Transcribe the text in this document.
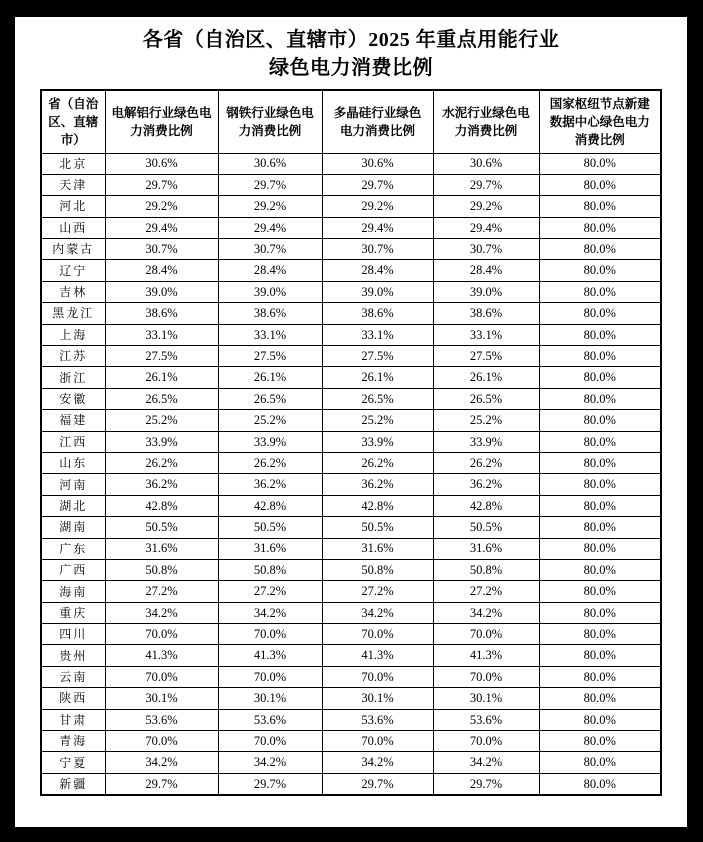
各省（自治区、直辖市）2025 年重点用能行业
绿色电力消费比例
省（自治区、直辖市）	电解铝行业绿色电力消费比例	钢铁行业绿色电力消费比例	多晶硅行业绿色电力消费比例	水泥行业绿色电力消费比例	国家枢纽节点新建数据中心绿色电力消费比例
北京	30.6%	30.6%	30.6%	30.6%	80.0%
天津	29.7%	29.7%	29.7%	29.7%	80.0%
河北	29.2%	29.2%	29.2%	29.2%	80.0%
山西	29.4%	29.4%	29.4%	29.4%	80.0%
内蒙古	30.7%	30.7%	30.7%	30.7%	80.0%
辽宁	28.4%	28.4%	28.4%	28.4%	80.0%
吉林	39.0%	39.0%	39.0%	39.0%	80.0%
黑龙江	38.6%	38.6%	38.6%	38.6%	80.0%
上海	33.1%	33.1%	33.1%	33.1%	80.0%
江苏	27.5%	27.5%	27.5%	27.5%	80.0%
浙江	26.1%	26.1%	26.1%	26.1%	80.0%
安徽	26.5%	26.5%	26.5%	26.5%	80.0%
福建	25.2%	25.2%	25.2%	25.2%	80.0%
江西	33.9%	33.9%	33.9%	33.9%	80.0%
山东	26.2%	26.2%	26.2%	26.2%	80.0%
河南	36.2%	36.2%	36.2%	36.2%	80.0%
湖北	42.8%	42.8%	42.8%	42.8%	80.0%
湖南	50.5%	50.5%	50.5%	50.5%	80.0%
广东	31.6%	31.6%	31.6%	31.6%	80.0%
广西	50.8%	50.8%	50.8%	50.8%	80.0%
海南	27.2%	27.2%	27.2%	27.2%	80.0%
重庆	34.2%	34.2%	34.2%	34.2%	80.0%
四川	70.0%	70.0%	70.0%	70.0%	80.0%
贵州	41.3%	41.3%	41.3%	41.3%	80.0%
云南	70.0%	70.0%	70.0%	70.0%	80.0%
陕西	30.1%	30.1%	30.1%	30.1%	80.0%
甘肃	53.6%	53.6%	53.6%	53.6%	80.0%
青海	70.0%	70.0%	70.0%	70.0%	80.0%
宁夏	34.2%	34.2%	34.2%	34.2%	80.0%
新疆	29.7%	29.7%	29.7%	29.7%	80.0%
